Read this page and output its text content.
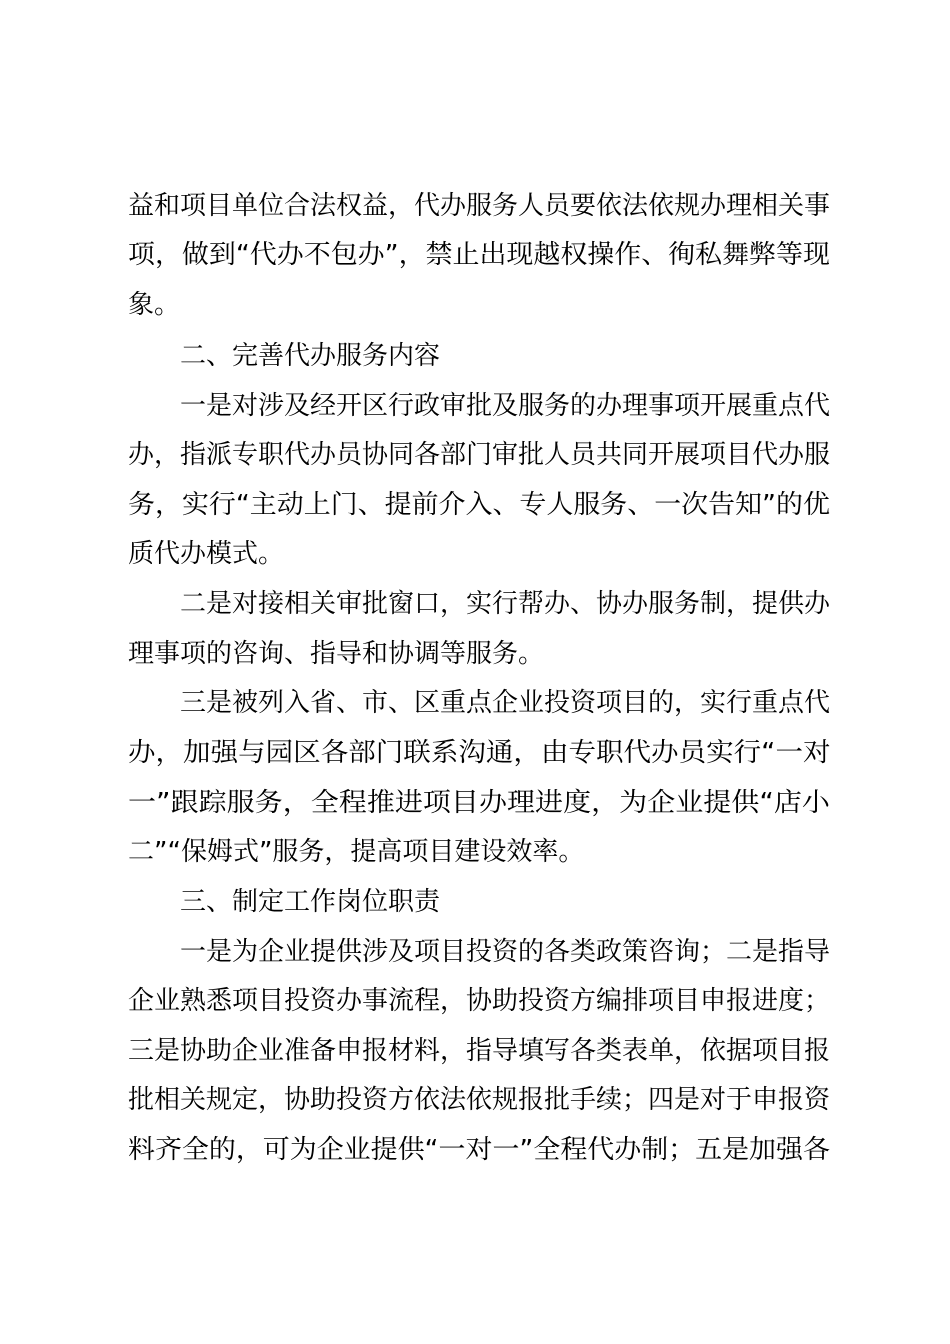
益和项目单位合法权益，代办服务人员要依法依规办理相关事
项，做到“代办不包办”，禁止出现越权操作、徇私舞弊等现
象。
二、完善代办服务内容
一是对涉及经开区行政审批及服务的办理事项开展重点代
办，指派专职代办员协同各部门审批人员共同开展项目代办服
务，实行“主动上门、提前介入、专人服务、一次告知”的优
质代办模式。
二是对接相关审批窗口，实行帮办、协办服务制，提供办
理事项的咨询、指导和协调等服务。
三是被列入省、市、区重点企业投资项目的，实行重点代
办，加强与园区各部门联系沟通，由专职代办员实行“一对
一”跟踪服务，全程推进项目办理进度，为企业提供“店小
二”“保姆式”服务，提高项目建设效率。
三、制定工作岗位职责
一是为企业提供涉及项目投资的各类政策咨询；二是指导
企业熟悉项目投资办事流程，协助投资方编排项目申报进度；
三是协助企业准备申报材料，指导填写各类表单，依据项目报
批相关规定，协助投资方依法依规报批手续；四是对于申报资
料齐全的，可为企业提供“一对一”全程代办制；五是加强各
